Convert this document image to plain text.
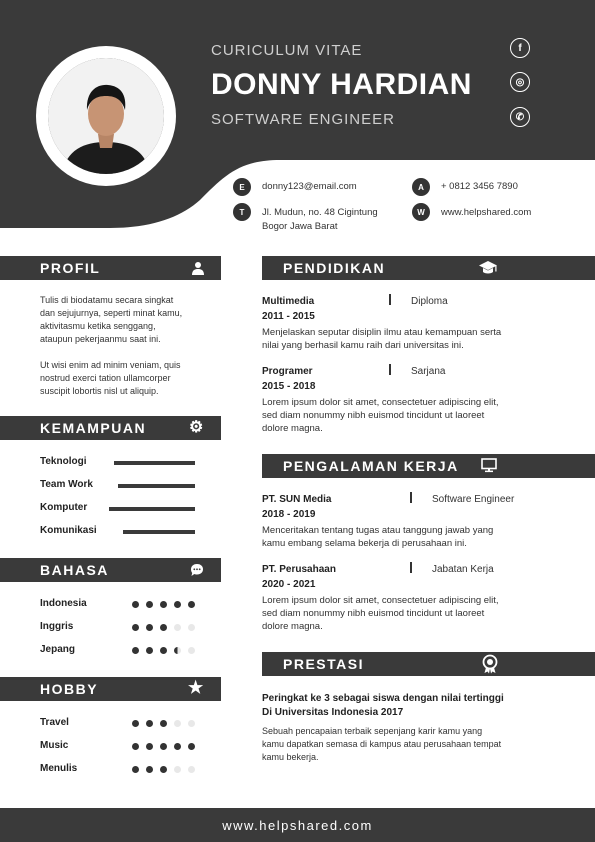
CURICULUM VITAE
DONNY HARDIAN
SOFTWARE ENGINEER
f
◎
✆
E	donny123@email.com	A	+ 0812 3456 7890
T	Jl. Mudun, no. 48 Cigintung
Bogor Jawa Barat
W	www.helpshared.com
PROFIL
Tulis di biodatamu secara singkat
dan sejujurnya, seperti minat kamu,
aktivitasmu ketika senggang,
ataupun pekerjaanmu saat ini.
Ut wisi enim ad minim veniam, quis
nostrud exerci tation ullamcorper
suscipit lobortis nisl ut aliquip.
KEMAMPUAN	⚙
Teknologi
Team Work
Komputer
Komunikasi
BAHASA
Indonesia
Inggris
Jepang
HOBBY	★
Travel
Music
Menulis
PENDIDIKAN
Multimedia	Diploma
2011 - 2015
Menjelaskan seputar disiplin ilmu atau kemampuan serta
nilai yang berhasil kamu raih dari universitas ini.
Programer	Sarjana
2015 - 2018
Lorem ipsum dolor sit amet, consectetuer adipiscing elit,
sed diam nonummy nibh euismod tincidunt ut laoreet
dolore magna.
PENGALAMAN KERJA
PT. SUN Media	Software Engineer
2018 - 2019
Menceritakan tentang tugas atau tanggung jawab yang
kamu embang selama bekerja di perusahaan ini.
PT. Perusahaan	Jabatan Kerja
2020 - 2021
Lorem ipsum dolor sit amet, consectetuer adipiscing elit,
sed diam nonummy nibh euismod tincidunt ut laoreet
dolore magna.
PRESTASI
Peringkat ke 3 sebagai siswa dengan nilai tertinggi
Di Universitas Indonesia 2017
Sebuah pencapaian terbaik sepenjang karir kamu yang
kamu dapatkan semasa di kampus atau perusahaan tempat
kamu bekerja.
www.helpshared.com
